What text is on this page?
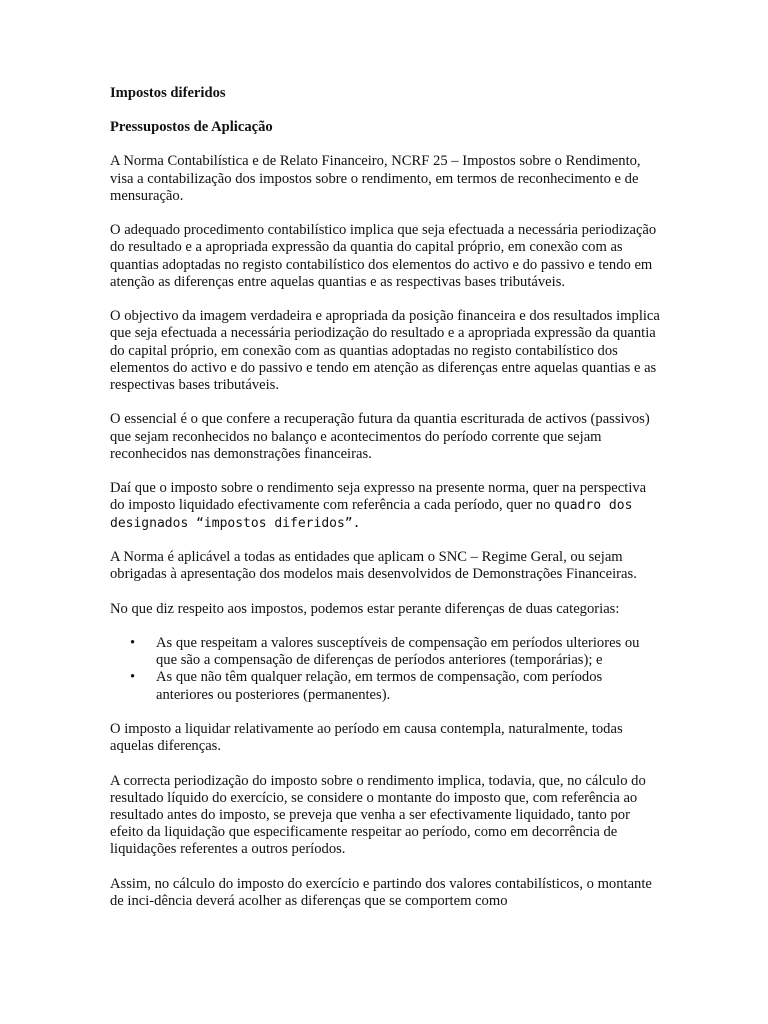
Impostos diferidos
Pressupostos de Aplicação

A Norma Contabilística e de Relato Financeiro, NCRF 25 – Impostos sobre o Rendimento, visa a contabilização dos impostos sobre o rendimento, em termos de reconhecimento e de mensuração.

O adequado procedimento contabilístico implica que seja efectuada a necessária periodização do resultado e a apropriada expressão da quantia do capital próprio, em conexão com as quantias adoptadas no registo contabilístico dos elementos do activo e do passivo e tendo em atenção as diferenças entre aquelas quantias e as respectivas bases tributáveis.

O objectivo da imagem verdadeira e apropriada da posição financeira e dos resultados implica que seja efectuada a necessária periodização do resultado e a apropriada expressão da quantia do capital próprio, em conexão com as quantias adoptadas no registo contabilístico dos elementos do activo e do passivo e tendo em atenção as diferenças entre aquelas quantias e as respectivas bases tributáveis.

O essencial é o que confere a recuperação futura da quantia escriturada de activos (passivos) que sejam reconhecidos no balanço e acontecimentos do período corrente que sejam reconhecidos nas demonstrações financeiras.

Daí que o imposto sobre o rendimento seja expresso na presente norma, quer na perspectiva do imposto liquidado efectivamente com referência a cada período, quer no quadro dos designados “impostos diferidos”.

A Norma é aplicável a todas as entidades que aplicam o SNC – Regime Geral, ou sejam obrigadas à apresentação dos modelos mais desenvolvidos de Demonstrações Financeiras.

No que diz respeito aos impostos, podemos estar perante diferenças de duas categorias:

• As que respeitam a valores susceptíveis de compensação em períodos ulteriores ou que são a compensação de diferenças de períodos anteriores (temporárias); e
• As que não têm qualquer relação, em termos de compensação, com períodos anteriores ou posteriores (permanentes).

O imposto a liquidar relativamente ao período em causa contempla, naturalmente, todas aquelas diferenças.

A correcta periodização do imposto sobre o rendimento implica, todavia, que, no cálculo do resultado líquido do exercício, se considere o montante do imposto que, com referência ao resultado antes do imposto, se preveja que venha a ser efectivamente liquidado, tanto por efeito da liquidação que especificamente respeitar ao período, como em decorrência de liquidações referentes a outros períodos.

Assim, no cálculo do imposto do exercício e partindo dos valores contabilísticos, o montante de inci-dência deverá acolher as diferenças que se comportem como
